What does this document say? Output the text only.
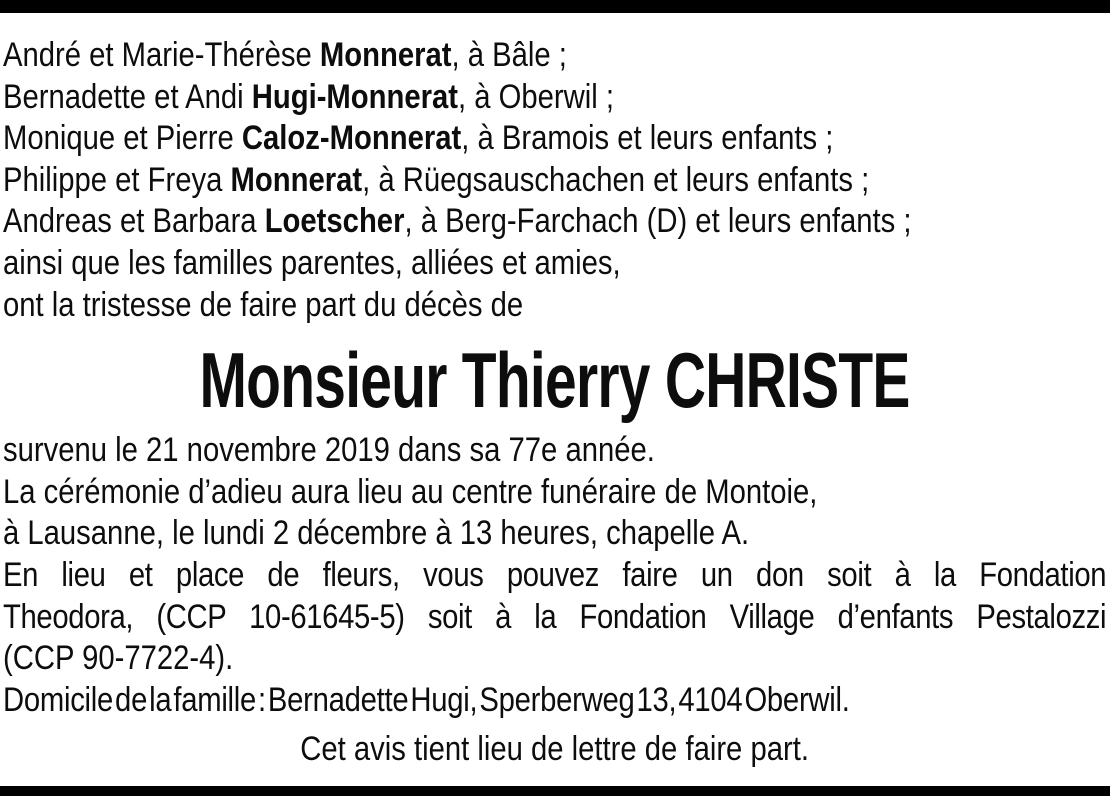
André et Marie-Thérèse Monnerat, à Bâle ;
Bernadette et Andi Hugi-Monnerat, à Oberwil ;
Monique et Pierre Caloz-Monnerat, à Bramois et leurs enfants ;
Philippe et Freya Monnerat, à Rüegsauschachen et leurs enfants ;
Andreas et Barbara Loetscher, à Berg-Farchach (D) et leurs enfants ;
ainsi que les familles parentes, alliées et amies,
ont la tristesse de faire part du décès de
Monsieur Thierry CHRISTE
survenu le 21 novembre 2019 dans sa 77e année.
La cérémonie d’adieu aura lieu au centre funéraire de Montoie,
à Lausanne, le lundi 2 décembre à 13 heures, chapelle A.
En lieu et place de fleurs, vous pouvez faire un don soit à la Fondation
Theodora, (CCP 10-61645-5) soit à la Fondation Village d’enfants Pestalozzi
(CCP 90-7722-4).
Domicile de la famille : Bernadette Hugi, Sperberweg 13, 4104 Oberwil.
Cet avis tient lieu de lettre de faire part.
